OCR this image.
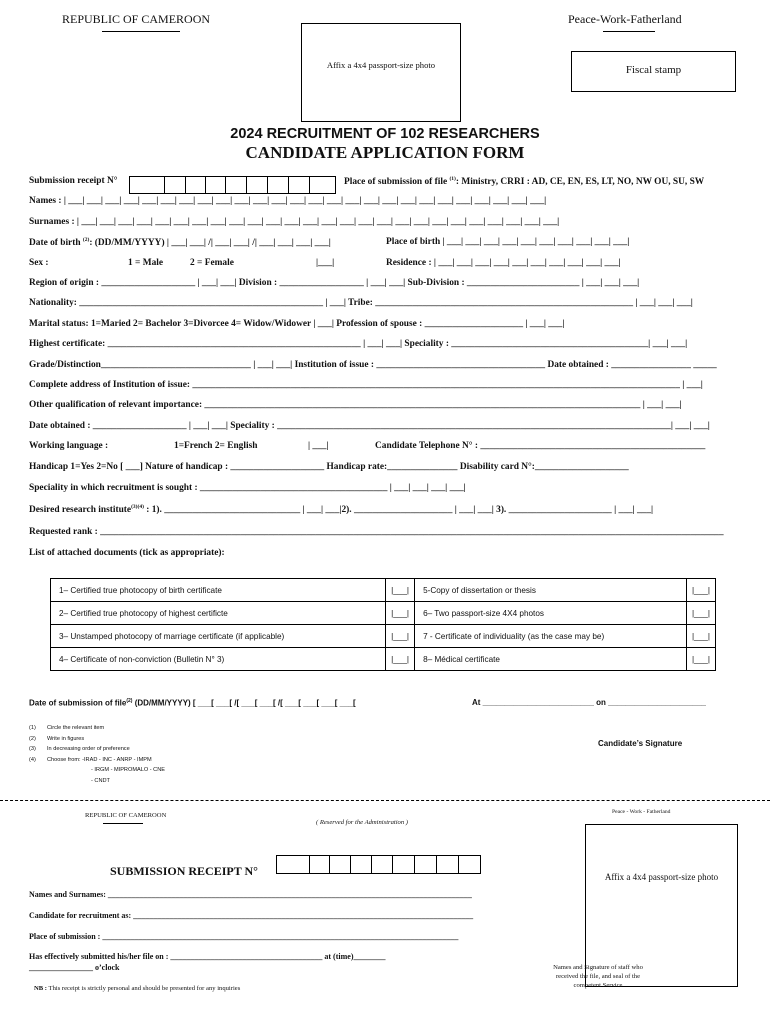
REPUBLIC OF CAMEROON	Peace-Work-Fatherland
Affix a 4x4 passport-size photo	Fiscal stamp
2024 RECRUITMENT OF 102 RESEARCHERS
CANDIDATE APPLICATION FORM
Submission receipt N°	Place of submission of file $^{(1)}$: Ministry, CRRI : AD, CE, EN, ES, LT, NO, NW OU, SU, SW
Names : | ___| ___| ___| ___| ___| ___| ___| ___| ___| ___| ___| ___| ___| ___| ___| ___| ___| ___| ___| ___| ___| ___| ___| ___| ___| ___|
Surnames : | ___| ___| ___| ___| ___| ___| ___| ___| ___| ___| ___| ___| ___| ___| ___| ___| ___| ___| ___| ___| ___| ___| ___| ___| ___| ___|
Date of birth $^{(2)}$: (DD/MM/YYYY) | ___| ___| /| ___| ___| /| ___| ___| ___| ___|	Place of birth | ___| ___| ___| ___| ___| ___| ___| ___| ___| ___|
Sex :	1 = Male	2 = Female	|___|	Residence : | ___| ___| ___| ___| ___| ___| ___| ___| ___| ___|
Region of origin : ____________________ | ___| ___| Division : __________________ | ___| ___| Sub-Division : ________________________ | ___| ___| ___|
Nationality: ____________________________________________________ | ___| Tribe: _______________________________________________________ | ___| ___| ___|
Marital status: 1=Maried 2= Bachelor 3=Divorcee 4= Widow/Widower | ___| Profession of spouse : _____________________ | ___| ___|
Highest certificate: ______________________________________________________ | ___| ___| Speciality : __________________________________________| ___| ___|
Grade/Distinction________________________________ | ___| ___| Institution of issue : ____________________________________ Date obtained : _________________ _____
Complete address of Institution of issue: ________________________________________________________________________________________________________ | ___|
Other qualification of relevant importance: _____________________________________________________________________________________________ | ___| ___|
Date obtained : ____________________ | ___| ___| Speciality : ____________________________________________________________________________________| ___| ___|
Working language :	1=French 2= English	| ___|	Candidate Telephone N° : ________________________________________________
Handicap 1=Yes 2=No [ ___] Nature of handicap : ____________________ Handicap rate:_______________ Disability card N°:____________________
Speciality in which recruitment is sought : ________________________________________ | ___| ___| ___| ___|
Desired research institute$^{(3)(4)}$ : 1). _____________________________ | ___| ___|2). _____________________ | ___| ___| 3). ______________________ | ___| ___|
Requested rank : _____________________________________________________________________________________________________________________________________
List of attached documents (tick as appropriate):
1– Certified true photocopy of birth certificate	|___|	5-Copy of dissertation or thesis	|___|
2– Certified true photocopy of highest certificte	|___|	6– Two passport-size 4X4 photos	|___|
3– Unstamped photocopy of marriage certificate (if applicable)	|___|	7 - Certificate of individuality (as the case may be)	|___|
4– Certificate of non-conviction (Bulletin N° 3)	|___|	8– Médical certificate	|___|
Date of submission of file$^{(2)}$ (DD/MM/YYYY) [ ___[ ___[ /[ ___[ ___[ /[ ___[ ___[ ___[ ___[	At _________________________ on ______________________
Candidate’s Signature
(1) Circle the relevant item
(2) Write in figures
(3) In decreasing order of preference
(4) Choose from: -IRAD - INC - ANRP - IMPM
- IRGM - MIPROMALO - CNE
- CNDT
REPUBLIC OF CAMEROON	Peace - Work - Fatherland
( Reserved for the Administration )
SUBMISSION RECEIPT N°	Affix a 4x4 passport-size photo
Names and Surnames: ___________________________________________________________________________________________
Candidate for recruitment as: _____________________________________________________________________________________
Place of submission : _________________________________________________________________________________________
Has effectively submitted his/her file on : ______________________________________ at (time)________
________________ o’clock	Names and Signature of staff who
received the file, and seal of the
competent Service
NB : This receipt is strictly personal and should be presented for any inquiries
